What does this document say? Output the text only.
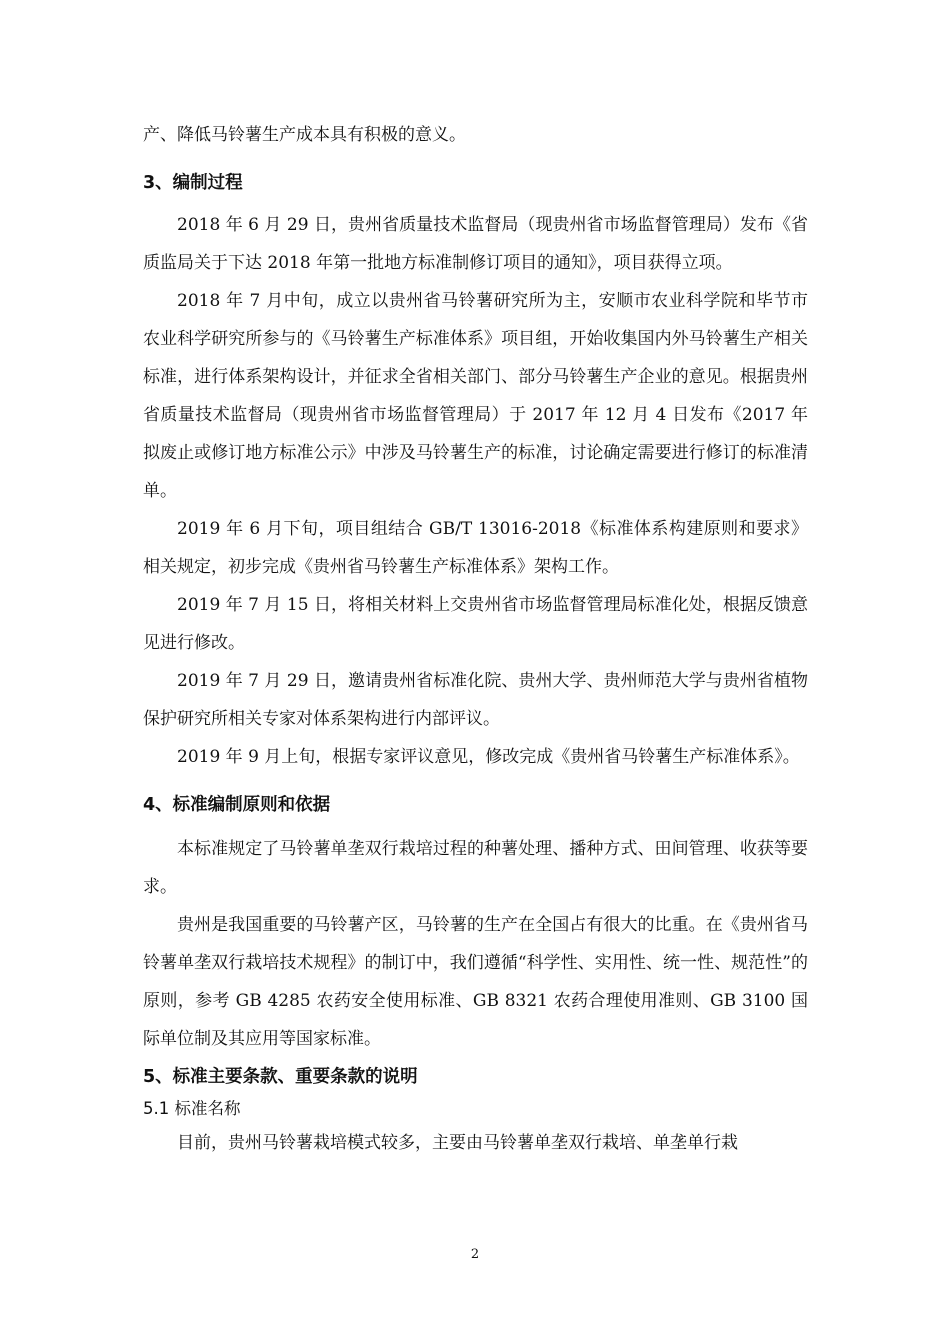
产、降低马铃薯生产成本具有积极的意义。

3、编制过程

2018 年 6 月 29 日，贵州省质量技术监督局（现贵州省市场监督管理局）发布《省质监局关于下达 2018 年第一批地方标准制修订项目的通知》，项目获得立项。

2018 年 7 月中旬，成立以贵州省马铃薯研究所为主，安顺市农业科学院和毕节市农业科学研究所参与的《马铃薯生产标准体系》项目组，开始收集国内外马铃薯生产相关标准，进行体系架构设计，并征求全省相关部门、部分马铃薯生产企业的意见。根据贵州省质量技术监督局（现贵州省市场监督管理局）于 2017 年 12 月 4 日发布《2017 年拟废止或修订地方标准公示》中涉及马铃薯生产的标准，讨论确定需要进行修订的标准清单。

2019 年 6 月下旬，项目组结合 GB/T 13016-2018《标准体系构建原则和要求》相关规定，初步完成《贵州省马铃薯生产标准体系》架构工作。

2019 年 7 月 15 日，将相关材料上交贵州省市场监督管理局标准化处，根据反馈意见进行修改。

2019 年 7 月 29 日，邀请贵州省标准化院、贵州大学、贵州师范大学与贵州省植物保护研究所相关专家对体系架构进行内部评议。

2019 年 9 月上旬，根据专家评议意见，修改完成《贵州省马铃薯生产标准体系》。

4、标准编制原则和依据

本标准规定了马铃薯单垄双行栽培过程的种薯处理、播种方式、田间管理、收获等要求。

贵州是我国重要的马铃薯产区，马铃薯的生产在全国占有很大的比重。在《贵州省马铃薯单垄双行栽培技术规程》的制订中，我们遵循“科学性、实用性、统一性、规范性”的原则，参考 GB 4285 农药安全使用标准、GB 8321 农药合理使用准则、GB 3100 国际单位制及其应用等国家标准。

5、标准主要条款、重要条款的说明
5.1 标准名称

目前，贵州马铃薯栽培模式较多，主要由马铃薯单垄双行栽培、单垄单行栽

2
